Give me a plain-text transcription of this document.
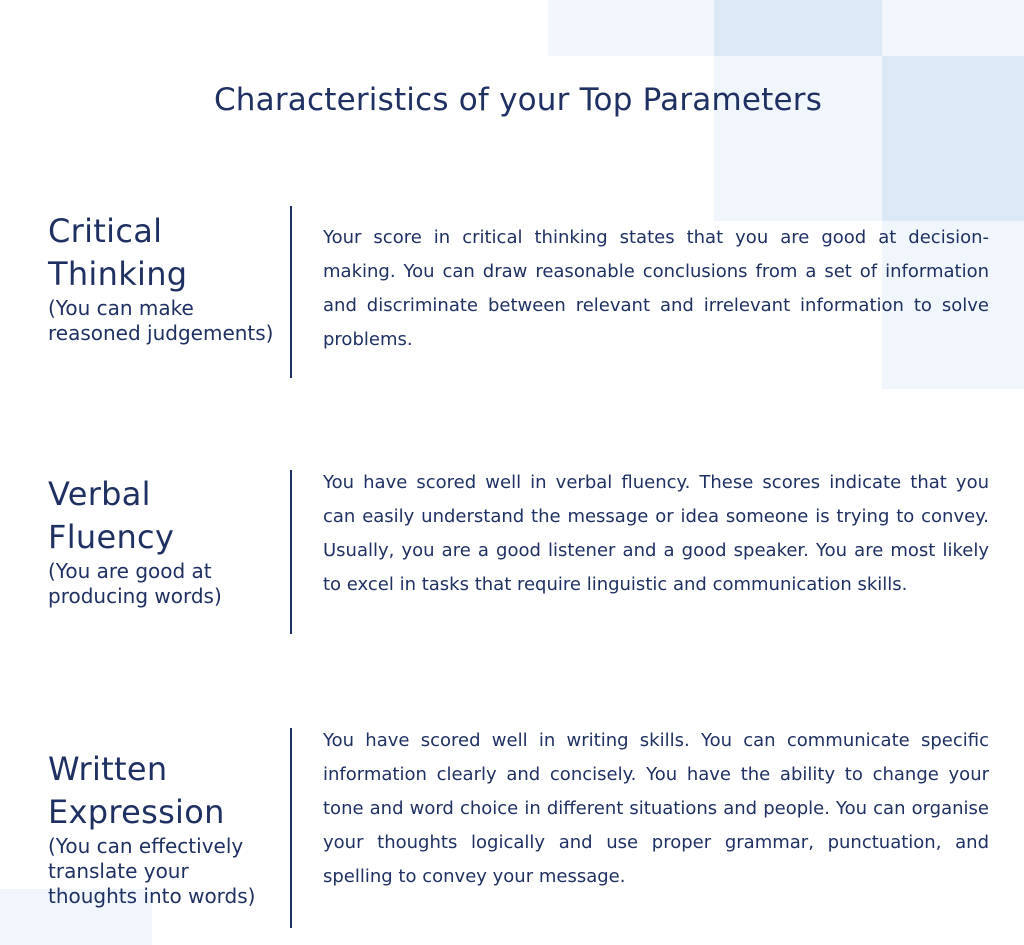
Characteristics of your Top Parameters
Critical
Thinking
(You can make reasoned judgements)

Your score in critical thinking states that you are good at decision-making. You can draw reasonable conclusions from a set of information and discriminate between relevant and irrelevant information to solve problems.

Verbal
Fluency
(You are good at producing words)

You have scored well in verbal fluency. These scores indicate that you can easily understand the message or idea someone is trying to convey. Usually, you are a good listener and a good speaker. You are most likely to excel in tasks that require linguistic and communication skills.

Written
Expression
(You can effectively translate your thoughts into words)

You have scored well in writing skills. You can communicate specific information clearly and concisely. You have the ability to change your tone and word choice in different situations and people. You can organise your thoughts logically and use proper grammar, punctuation, and spelling to convey your message.
